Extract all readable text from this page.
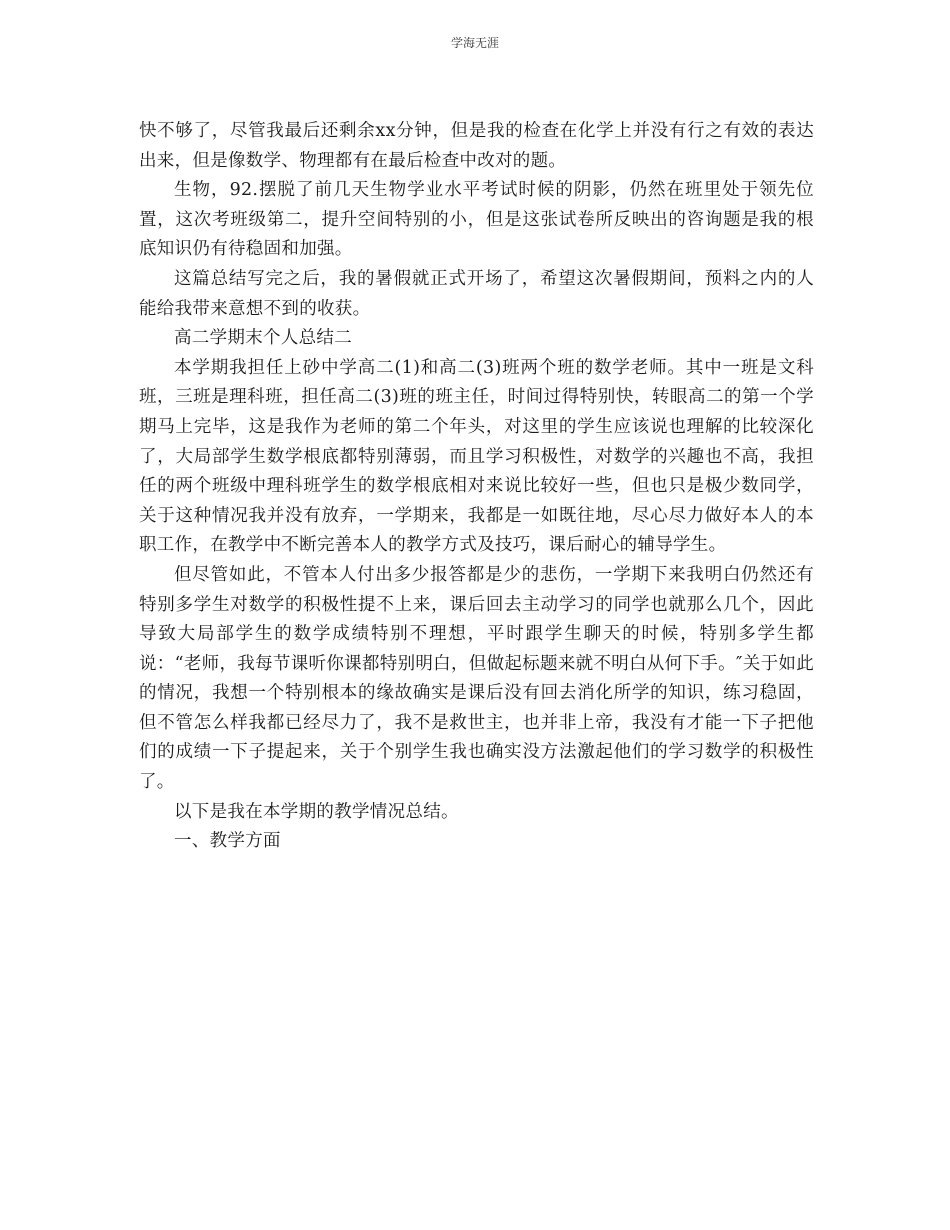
学海无涯

快不够了，尽管我最后还剩余xx分钟，但是我的检查在化学上并没有行之有效的表达出来，但是像数学、物理都有在最后检查中改对的题。

生物，92.摆脱了前几天生物学业水平考试时候的阴影，仍然在班里处于领先位置，这次考班级第二，提升空间特别的小，但是这张试卷所反映出的咨询题是我的根底知识仍有待稳固和加强。

这篇总结写完之后，我的暑假就正式开场了，希望这次暑假期间，预料之内的人能给我带来意想不到的收获。

高二学期末个人总结二

本学期我担任上砂中学高二(1)和高二(3)班两个班的数学老师。其中一班是文科班，三班是理科班，担任高二(3)班的班主任，时间过得特别快，转眼高二的第一个学期马上完毕，这是我作为老师的第二个年头，对这里的学生应该说也理解的比较深化了，大局部学生数学根底都特别薄弱，而且学习积极性，对数学的兴趣也不高，我担任的两个班级中理科班学生的数学根底相对来说比较好一些，但也只是极少数同学，关于这种情况我并没有放弃，一学期来，我都是一如既往地，尽心尽力做好本人的本职工作，在教学中不断完善本人的教学方式及技巧，课后耐心的辅导学生。

但尽管如此，不管本人付出多少报答都是少的悲伤，一学期下来我明白仍然还有特别多学生对数学的积极性提不上来，课后回去主动学习的同学也就那么几个，因此导致大局部学生的数学成绩特别不理想，平时跟学生聊天的时候，特别多学生都说：“老师，我每节课听你课都特别明白，但做起标题来就不明白从何下手。″关于如此的情况，我想一个特别根本的缘故确实是课后没有回去消化所学的知识，练习稳固，但不管怎么样我都已经尽力了，我不是救世主，也并非上帝，我没有才能一下子把他们的成绩一下子提起来，关于个别学生我也确实没方法激起他们的学习数学的积极性了。

以下是我在本学期的教学情况总结。

一、教学方面
